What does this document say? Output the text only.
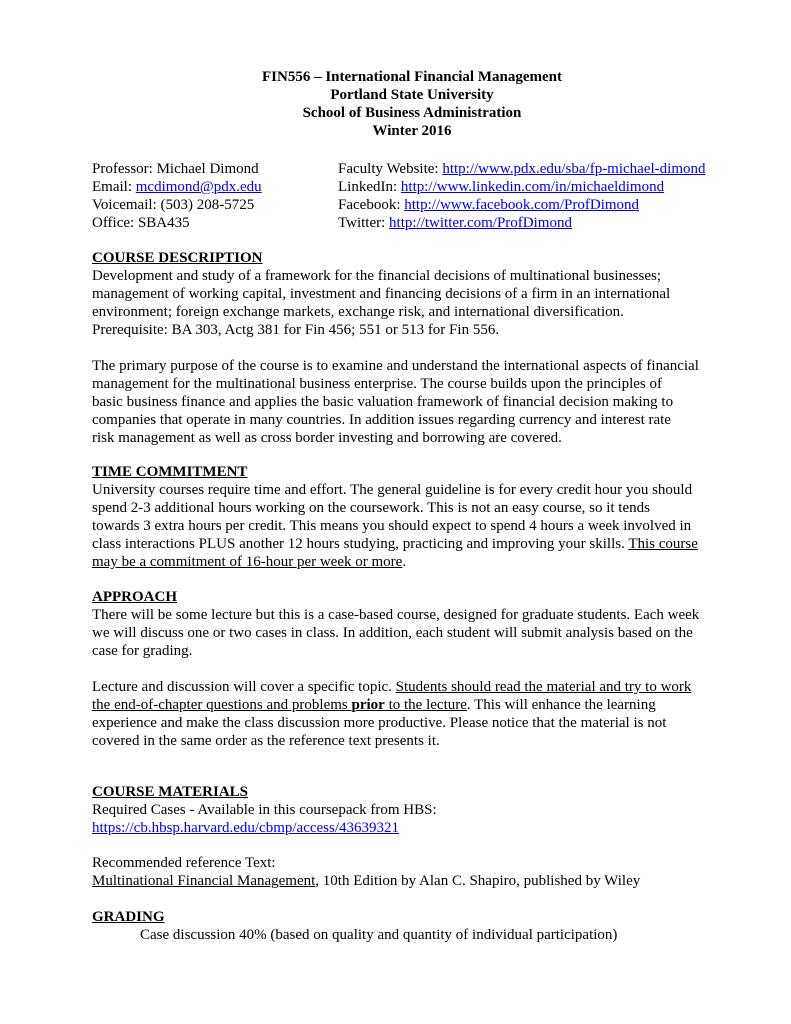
FIN556 – International Financial Management
Portland State University
School of Business Administration
Winter 2016
Professor: Michael Dimond
Email: mcdimond@pdx.edu
Voicemail: (503) 208-5725
Office: SBA435
Faculty Website: http://www.pdx.edu/sba/fp-michael-dimond
LinkedIn: http://www.linkedin.com/in/michaeldimond
Facebook: http://www.facebook.com/ProfDimond
Twitter: http://twitter.com/ProfDimond
COURSE DESCRIPTION

Development and study of a framework for the financial decisions of multinational businesses;
management of working capital, investment and financing decisions of a firm in an international
environment; foreign exchange markets, exchange risk, and international diversification.
Prerequisite: BA 303, Actg 381 for Fin 456; 551 or 513 for Fin 556.

The primary purpose of the course is to examine and understand the international aspects of financial
management for the multinational business enterprise. The course builds upon the principles of
basic business finance and applies the basic valuation framework of financial decision making to
companies that operate in many countries. In addition issues regarding currency and interest rate
risk management as well as cross border investing and borrowing are covered.
TIME COMMITMENT
University courses require time and effort. The general guideline is for every credit hour you should
spend 2-3 additional hours working on the coursework. This is not an easy course, so it tends
towards 3 extra hours per credit. This means you should expect to spend 4 hours a week involved in
class interactions PLUS another 12 hours studying, practicing and improving your skills. This course
may be a commitment of 16-hour per week or more.
APPROACH
There will be some lecture but this is a case-based course, designed for graduate students. Each week
we will discuss one or two cases in class. In addition, each student will submit analysis based on the
case for grading.
Lecture and discussion will cover a specific topic. Students should read the material and try to work
the end-of-chapter questions and problems prior to the lecture. This will enhance the learning
experience and make the class discussion more productive. Please notice that the material is not
covered in the same order as the reference text presents it.
COURSE MATERIALS
Required Cases - Available in this coursepack from HBS:
https://cb.hbsp.harvard.edu/cbmp/access/43639321
Recommended reference Text:
Multinational Financial Management, 10th Edition by Alan C. Shapiro, published by Wiley
GRADING
Case discussion 40% (based on quality and quantity of individual participation)
